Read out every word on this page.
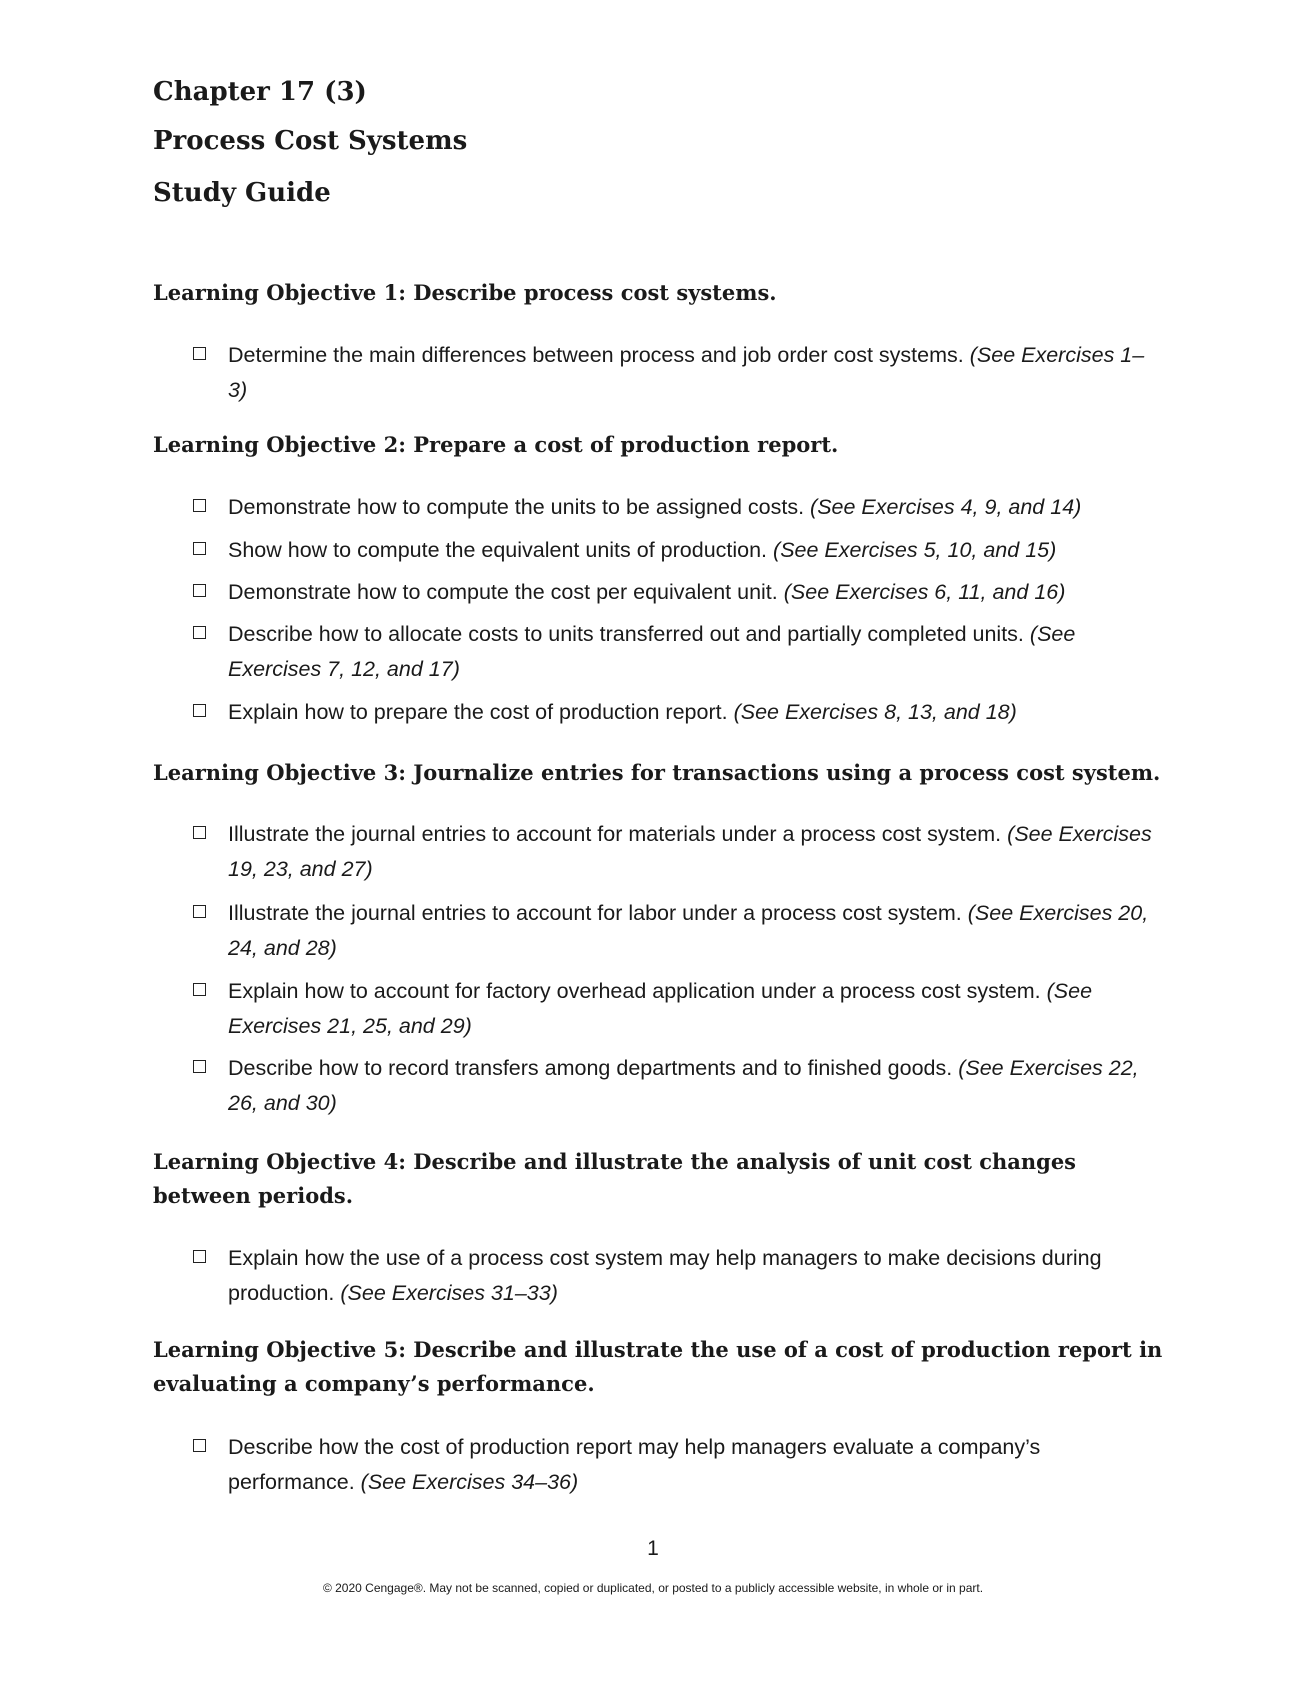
Chapter 17 (3)
Process Cost Systems
Study Guide
Learning Objective 1: Describe process cost systems.
Determine the main differences between process and job order cost systems. (See Exercises 1–3)
Learning Objective 2: Prepare a cost of production report.
Demonstrate how to compute the units to be assigned costs. (See Exercises 4, 9, and 14)
Show how to compute the equivalent units of production. (See Exercises 5, 10, and 15)
Demonstrate how to compute the cost per equivalent unit. (See Exercises 6, 11, and 16)
Describe how to allocate costs to units transferred out and partially completed units. (See Exercises 7, 12, and 17)
Explain how to prepare the cost of production report. (See Exercises 8, 13, and 18)
Learning Objective 3: Journalize entries for transactions using a process cost system.
Illustrate the journal entries to account for materials under a process cost system. (See Exercises 19, 23, and 27)
Illustrate the journal entries to account for labor under a process cost system. (See Exercises 20, 24, and 28)
Explain how to account for factory overhead application under a process cost system. (See Exercises 21, 25, and 29)
Describe how to record transfers among departments and to finished goods. (See Exercises 22, 26, and 30)
Learning Objective 4: Describe and illustrate the analysis of unit cost changes between periods.
Explain how the use of a process cost system may help managers to make decisions during production. (See Exercises 31–33)
Learning Objective 5: Describe and illustrate the use of a cost of production report in evaluating a company’s performance.
Describe how the cost of production report may help managers evaluate a company’s performance. (See Exercises 34–36)
1
© 2020 Cengage®. May not be scanned, copied or duplicated, or posted to a publicly accessible website, in whole or in part.
